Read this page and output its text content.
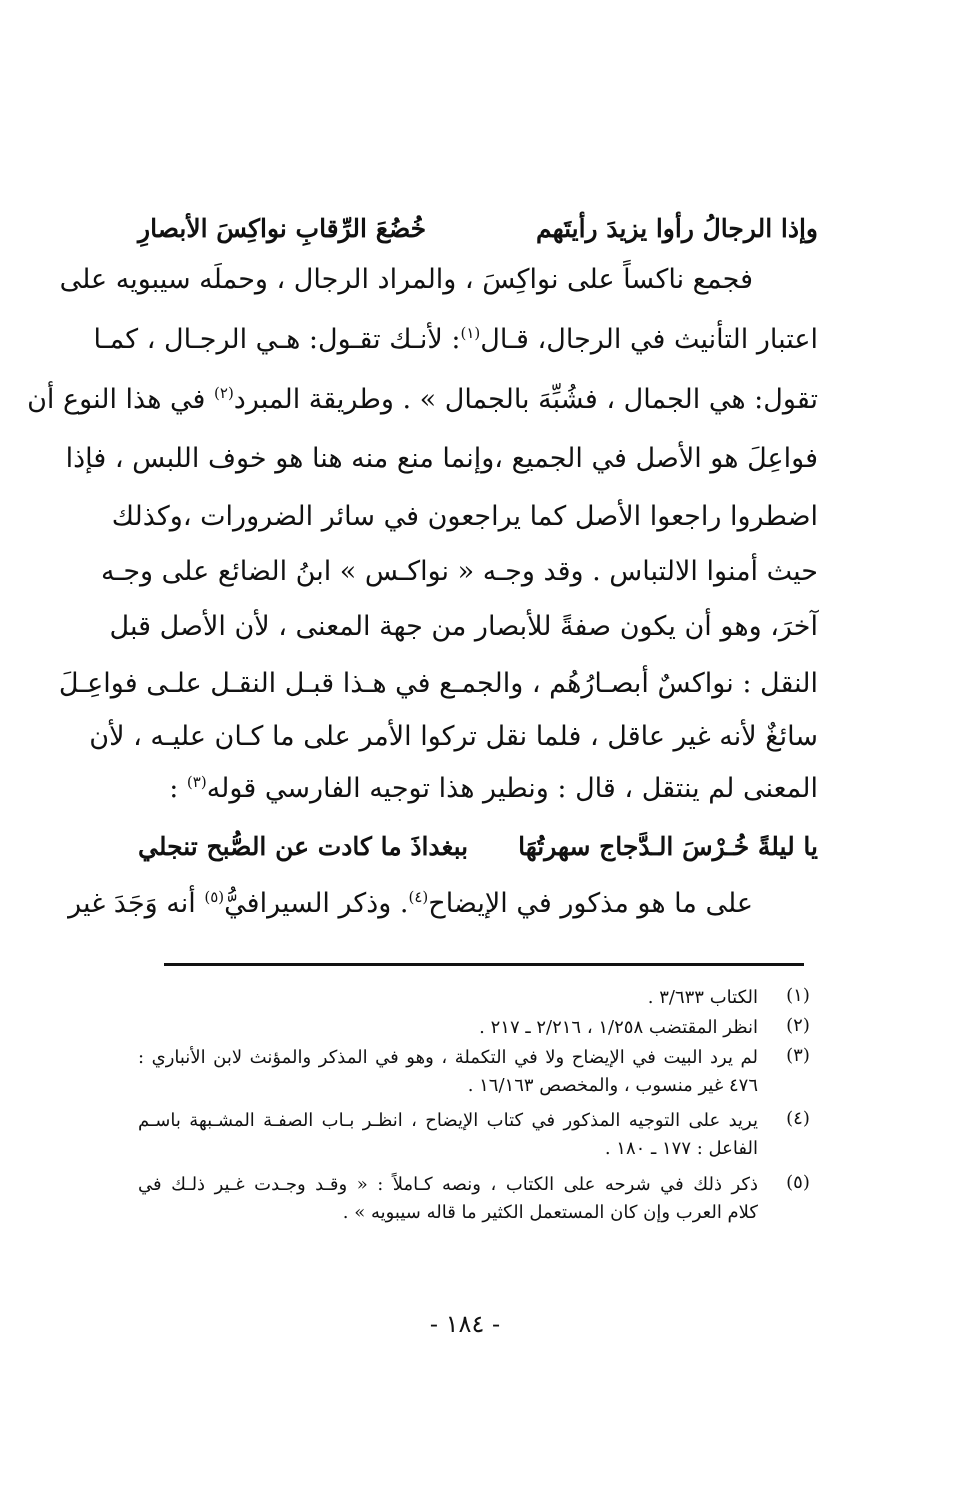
وإذا الرجالُ رأوا يزيدَ رأيتَهم
خُضُعَ الرِّقابِ نواكِسَ الأبصارِ
فجمع ناكساً على نواكِسَ ، والمراد الرجال ، وحملَه سيبويه على
اعتبار التأنيث في الرجال، قـال$^{(١)}$: لأنـك تقـول: هـي الرجـال ، كمـا
تقول: هي الجمال ، فشُبِّهَ بالجمال » . وطريقة المبرد$^{(٢)}$ في هذا النوع أن
فواعِلَ هو الأصل في الجميع ،وإنما منع منه هنا هو خوف اللبس ، فإذا
اضطروا راجعوا الأصل كما يراجعون في سائر الضرورات ،وكذلك
حيث أمنوا الالتباس . وقد وجـه « نواكـس » ابنُ الضائع على وجـه
آخرَ، وهو أن يكون صفةً للأبصار من جهة المعنى ، لأن الأصل قبل
النقل : نواكسٌ أبصـارُهُم ، والجمـع في هـذا قبـل النقـل علـى فواعِـلَ
سائغٌ لأنه غير عاقل ، فلما نقل تركوا الأمر على ما كـان عليـه ، لأن
المعنى لم ينتقل ، قال : ونطير هذا توجيه الفارسي قوله$^{(٣)}$ :
يا ليلةً خُـرْسَ الـدَّجاج سهرتُهَا
ببغداذَ ما كادت عن الصُّبح تنجلي
على ما هو مذكور في الإيضاح$^{(٤)}$. وذكر السيرافيُّ$^{(٥)}$ أنه وَجَدَ غير
(١)
الكتاب ٣/٦٣٣ .
(٢)
انظر المقتضب ١/٢٥٨ ، ٢/٢١٦ ـ ٢١٧ .
(٣)
لم يرد البيت في الإيضاح ولا في التكملة ، وهو في المذكر والمؤنث لابن الأنباري :
٤٧٦ غير منسوب ، والمخصص ١٦/١٦٣ .
(٤)
يريد على التوجيه المذكور في كتاب الإيضاح ، انظـر بـاب الصفـة المشـبهة باسـم
الفاعل : ١٧٧ ـ ١٨٠ .
(٥)
ذكر ذلك في شرحه على الكتاب ، ونصه كـاملاً : « وقـد وجـدت غـير ذلـك في
كلام العرب وإن كان المستعمل الكثير ما قاله سيبويه » .
- ١٨٤ -
